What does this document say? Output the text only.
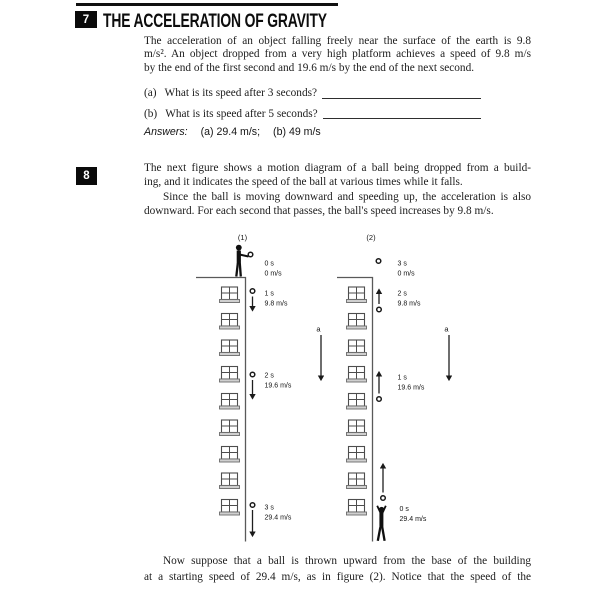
7 THE ACCELERATION OF GRAVITY
The acceleration of an object falling freely near the surface of the earth is 9.8
m/s². An object dropped from a very high platform achieves a speed of 9.8 m/s
by the end of the first second and 19.6 m/s by the end of the next second.
(a) What is its speed after 3 seconds?
(b) What is its speed after 5 seconds?
Answers: (a) 29.4 m/s; (b) 49 m/s
8
The next figure shows a motion diagram of a ball being dropped from a build-
ing, and it indicates the speed of the ball at various times while it falls.
Since the ball is moving downward and speeding up, the acceleration is also
downward. For each second that passes, the ball's speed increases by 9.8 m/s.
(1)
0 s
0 m/s
1 s
9.8 m/s
2 s
19.6 m/s
3 s
29.4 m/s
a
(2)
3 s
0 m/s
2 s
9.8 m/s
1 s
19.6 m/s
0 s
29.4 m/s
a
Now suppose that a ball is thrown upward from the base of the building
at a starting speed of 29.4 m/s, as in figure (2). Notice that the speed of the
